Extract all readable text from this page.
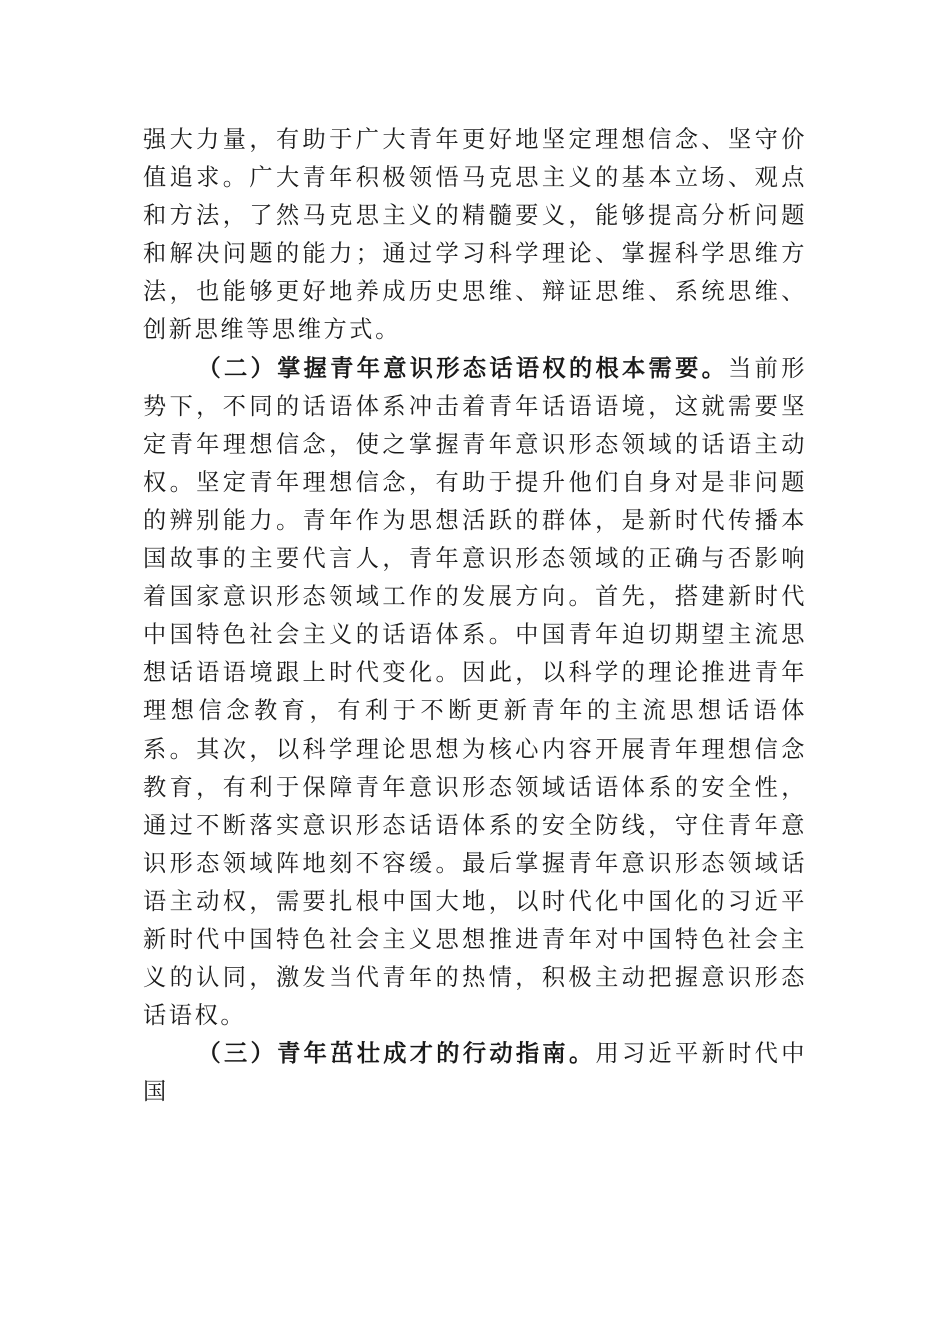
强大力量，有助于广大青年更好地坚定理想信念、坚守价值追求。广大青年积极领悟马克思主义的基本立场、观点和方法，了然马克思主义的精髓要义，能够提高分析问题和解决问题的能力；通过学习科学理论、掌握科学思维方法，也能够更好地养成历史思维、辩证思维、系统思维、创新思维等思维方式。

（二）掌握青年意识形态话语权的根本需要。当前形势下，不同的话语体系冲击着青年话语语境，这就需要坚定青年理想信念，使之掌握青年意识形态领域的话语主动权。坚定青年理想信念，有助于提升他们自身对是非问题的辨别能力。青年作为思想活跃的群体，是新时代传播本国故事的主要代言人，青年意识形态领域的正确与否影响着国家意识形态领域工作的发展方向。首先，搭建新时代中国特色社会主义的话语体系。中国青年迫切期望主流思想话语语境跟上时代变化。因此，以科学的理论推进青年理想信念教育，有利于不断更新青年的主流思想话语体系。其次，以科学理论思想为核心内容开展青年理想信念教育，有利于保障青年意识形态领域话语体系的安全性，通过不断落实意识形态话语体系的安全防线，守住青年意识形态领域阵地刻不容缓。最后掌握青年意识形态领域话语主动权，需要扎根中国大地，以时代化中国化的习近平新时代中国特色社会主义思想推进青年对中国特色社会主义的认同，激发当代青年的热情，积极主动把握意识形态话语权。

（三）青年茁壮成才的行动指南。用习近平新时代中国
